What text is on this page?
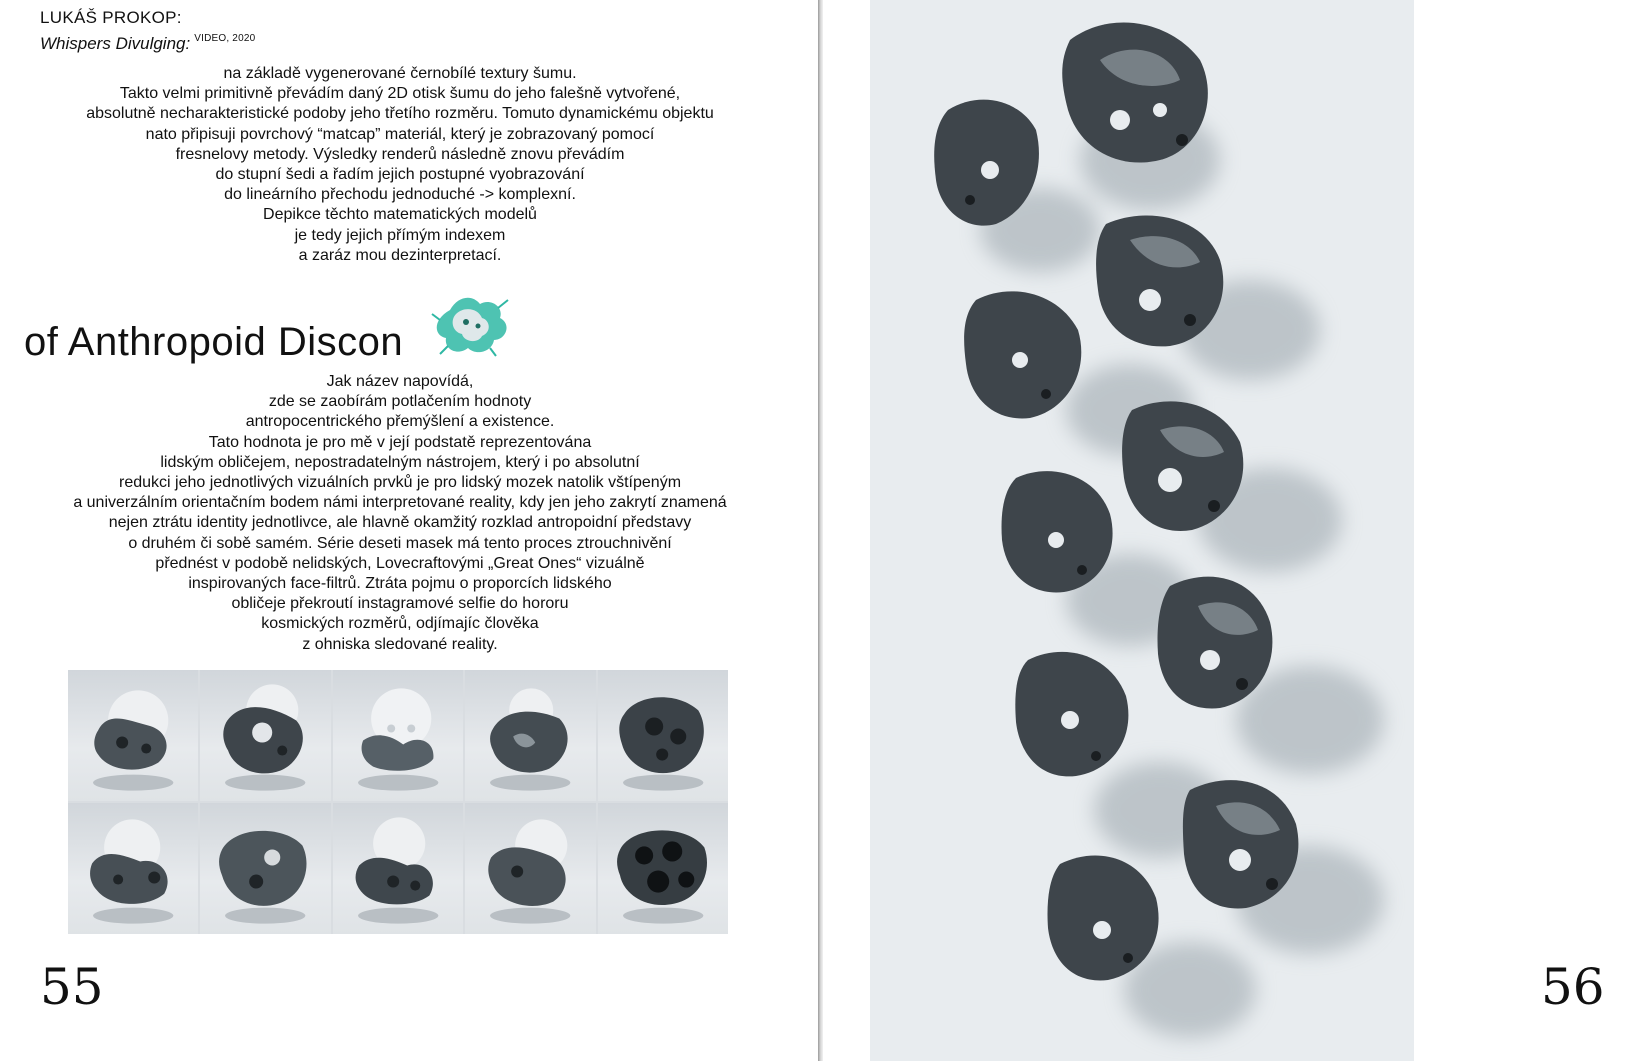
LUKÁŠ PROKOP:
Whispers Divulging: $^{VIDEO, 2020}$

na základě vygenerované černobílé textury šumu.
Takto velmi primitivně převádím daný 2D otisk šumu do jeho falešně vytvořené,
absolutně necharakteristické podoby jeho třetího rozměru. Tomuto dynamickému objektu
nato připisuji povrchový “matcap” materiál, který je zobrazovaný pomocí
fresnelovy metody. Výsledky renderů následně znovu převádím
do stupní šedi a řadím jejich postupné vyobrazování
do lineárního přechodu jednoduché -> komplexní.
Depikce těchto matematických modelů
je tedy jejich přímým indexem
a zaráz mou dezinterpretací.

of Anthropoid Discon

Jak název napovídá,
zde se zaobírám potlačením hodnoty
antropocentrického přemýšlení a existence.
Tato hodnota je pro mě v její podstatě reprezentována
lidským obličejem, nepostradatelným nástrojem, který i po absolutní
redukci jeho jednotlivých vizuálních prvků je pro lidský mozek natolik vštípeným
a univerzálním orientačním bodem námi interpretované reality, kdy jen jeho zakrytí znamená
nejen ztrátu identity jednotlivce, ale hlavně okamžitý rozklad antropoidní představy
o druhém či sobě samém. Série deseti masek má tento proces ztrouchnivění
přednést v podobě nelidských, Lovecraftovými „Great Ones“ vizuálně
inspirovaných face-filtrů. Ztráta pojmu o proporcích lidského
obličeje překroutí instagramové selfie do hororu
kosmických rozměrů, odjímajíc člověka
z ohniska sledované reality.

55	56
